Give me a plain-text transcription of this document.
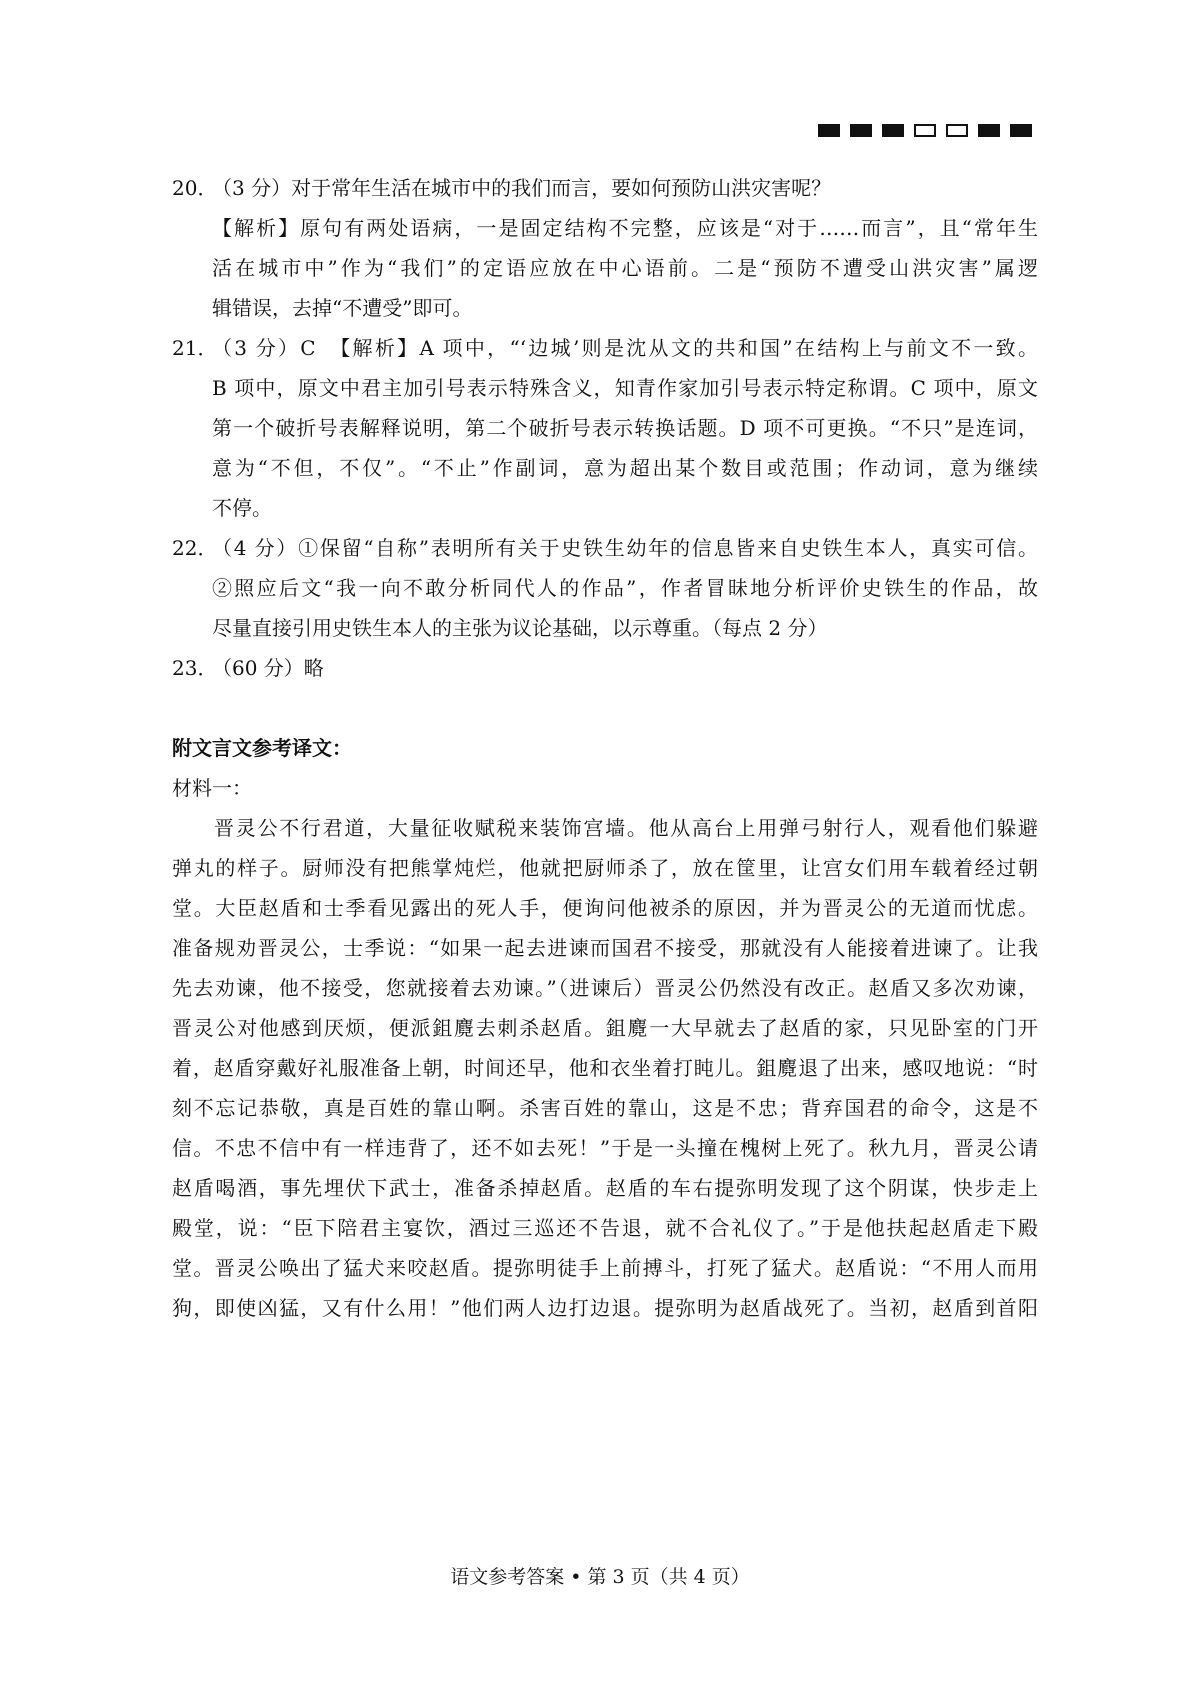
20．
（3 分）对于常年生活在城市中的我们而言，要如何预防山洪灾害呢？
【解析】原句有两处语病，一是固定结构不完整，应该是“对于……而言”，且“常年生
活在城市中”作为“我们”的定语应放在中心语前。二是“预防不遭受山洪灾害”属逻
辑错误，去掉“不遭受”即可。
21．
（3 分）C　【解析】A 项中，“‘边城’则是沈从文的共和国”在结构上与前文不一致。
B 项中，原文中君主加引号表示特殊含义，知青作家加引号表示特定称谓。C 项中，原文
第一个破折号表解释说明，第二个破折号表示转换话题。D 项不可更换。“不只”是连词，
意为“不但，不仅”。“不止”作副词，意为超出某个数目或范围；作动词，意为继续
不停。
22．
（4 分）①保留“自称”表明所有关于史铁生幼年的信息皆来自史铁生本人，真实可信。
②照应后文“我一向不敢分析同代人的作品”，作者冒昧地分析评价史铁生的作品，故
尽量直接引用史铁生本人的主张为议论基础，以示尊重。（每点 2 分）
23．
（60 分）略
附文言文参考译文：
材料一：
晋灵公不行君道，大量征收赋税来装饰宫墙。他从高台上用弹弓射行人，观看他们躲避
弹丸的样子。厨师没有把熊掌炖烂，他就把厨师杀了，放在筐里，让宫女们用车载着经过朝
堂。大臣赵盾和士季看见露出的死人手，便询问他被杀的原因，并为晋灵公的无道而忧虑。
准备规劝晋灵公，士季说：“如果一起去进谏而国君不接受，那就没有人能接着进谏了。让我
先去劝谏，他不接受，您就接着去劝谏。”（进谏后）晋灵公仍然没有改正。赵盾又多次劝谏，
晋灵公对他感到厌烦，便派鉏麑去刺杀赵盾。鉏麑一大早就去了赵盾的家，只见卧室的门开
着，赵盾穿戴好礼服准备上朝，时间还早，他和衣坐着打盹儿。鉏麑退了出来，感叹地说：“时
刻不忘记恭敬，真是百姓的靠山啊。杀害百姓的靠山，这是不忠；背弃国君的命令，这是不
信。不忠不信中有一样违背了，还不如去死！”于是一头撞在槐树上死了。秋九月，晋灵公请
赵盾喝酒，事先埋伏下武士，准备杀掉赵盾。赵盾的车右提弥明发现了这个阴谋，快步走上
殿堂，说：“臣下陪君主宴饮，酒过三巡还不告退，就不合礼仪了。”于是他扶起赵盾走下殿
堂。晋灵公唤出了猛犬来咬赵盾。提弥明徒手上前搏斗，打死了猛犬。赵盾说：“不用人而用
狗，即使凶猛，又有什么用！”他们两人边打边退。提弥明为赵盾战死了。当初，赵盾到首阳
语文参考答案 • 第 3 页（共 4 页）
